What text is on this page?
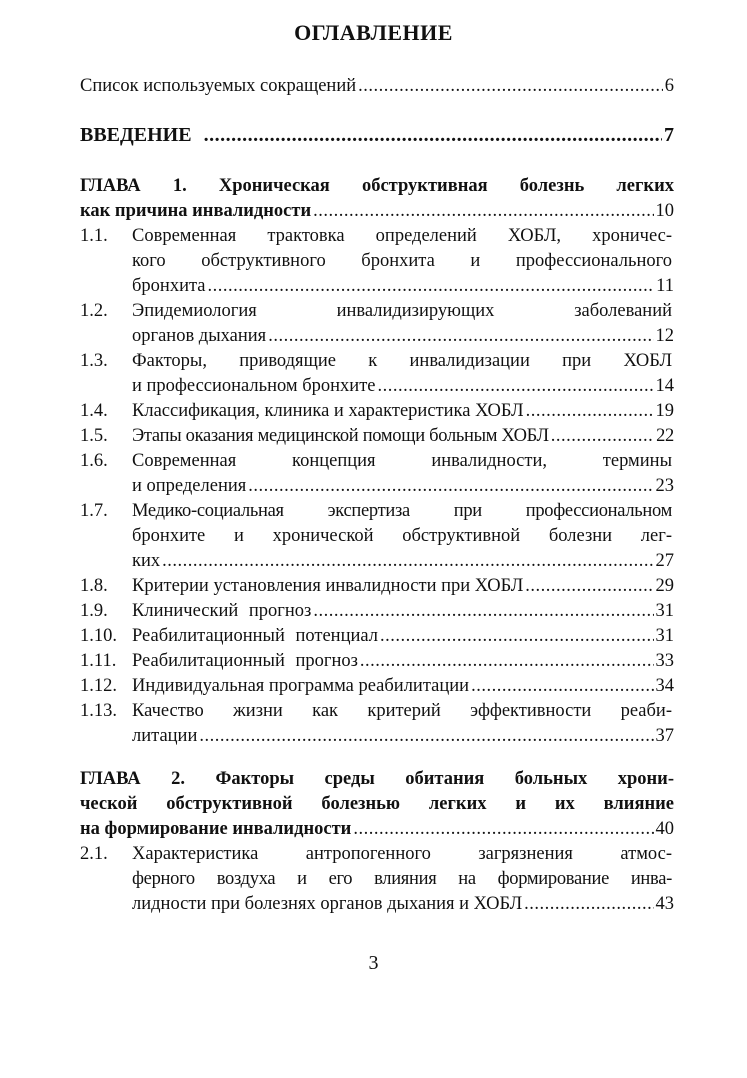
ОГЛАВЛЕНИЕ
Список используемых сокращений .....	6
ВВЕДЕНИЕ .....	7
ГЛАВА 1. Хроническая обструктивная болезнь легких
как причина инвалидности .....	10
1.1. Современная трактовка определений ХОБЛ, хроничес-
кого обструктивного бронхита и профессионального
бронхита .....	11
1.2. Эпидемиология инвалидизирующих заболеваний
органов дыхания .....	12
1.3. Факторы, приводящие к инвалидизации при ХОБЛ
и профессиональном бронхите .....	14
1.4. Классификация, клиника и характеристика ХОБЛ .....	19
1.5. Этапы оказания медицинской помощи больным ХОБЛ .....	22
1.6. Современная концепция инвалидности, термины
и определения .....	23
1.7. Медико-социальная экспертиза при профессиональном
бронхите и хронической обструктивной болезни лег-
ких .....	27
1.8. Критерии установления инвалидности при ХОБЛ .....	29
1.9. Клинический прогноз .....	31
1.10. Реабилитационный потенциал .....	31
1.11. Реабилитационный прогноз .....	33
1.12. Индивидуальная программа реабилитации .....	34
1.13. Качество жизни как критерий эффективности реаби-
литации .....	37
ГЛАВА 2. Факторы среды обитания больных хрони-
ческой обструктивной болезнью легких и их влияние
на формирование инвалидности .....	40
2.1. Характеристика антропогенного загрязнения атмос-
ферного воздуха и его влияния на формирование инва-
лидности при болезнях органов дыхания и ХОБЛ .....	43
3
